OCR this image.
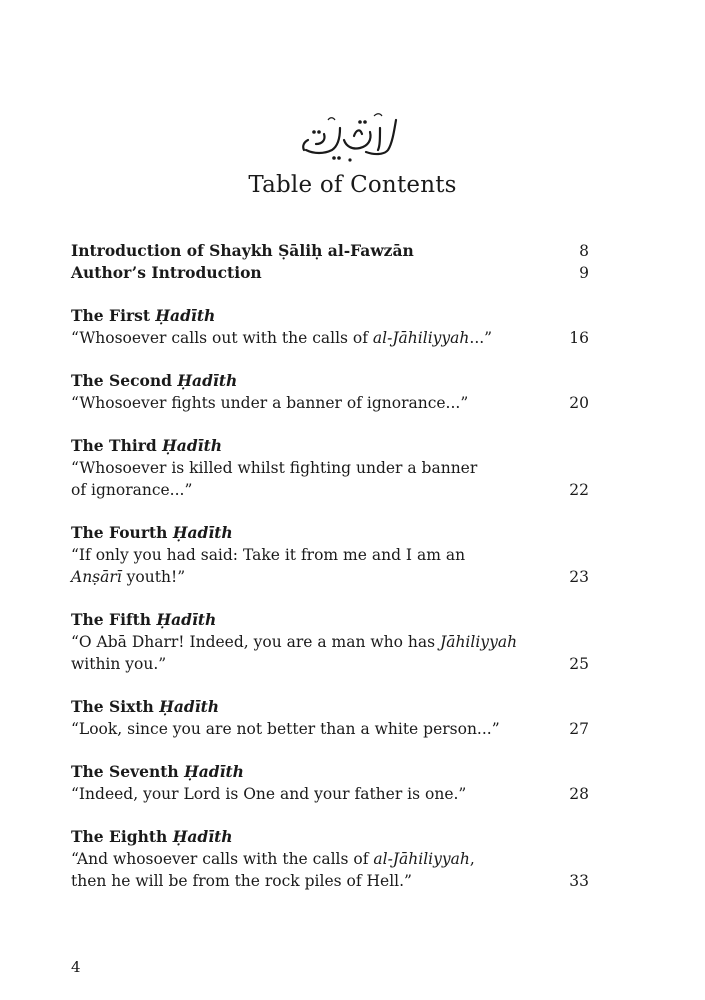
Table of Contents
Introduction of Shaykh Ṣāliḥ al-Fawzān	8
Author’s Introduction	9
The First Ḥadīth
“Whosoever calls out with the calls of al-Jāhiliyyah...”	16
The Second Ḥadīth
“Whosoever fights under a banner of ignorance...”	20
The Third Ḥadīth
“Whosoever is killed whilst fighting under a banner
of ignorance...”	22
The Fourth Ḥadīth
“If only you had said: Take it from me and I am an
Anṣārī youth!”	23
The Fifth Ḥadīth
“O Abā Dharr! Indeed, you are a man who has Jāhiliyyah
within you.”	25
The Sixth Ḥadīth
“Look, since you are not better than a white person...”	27
The Seventh Ḥadīth
“Indeed, your Lord is One and your father is one.”	28
The Eighth Ḥadīth
“And whosoever calls with the calls of al-Jāhiliyyah,
then he will be from the rock piles of Hell.”	33
4
